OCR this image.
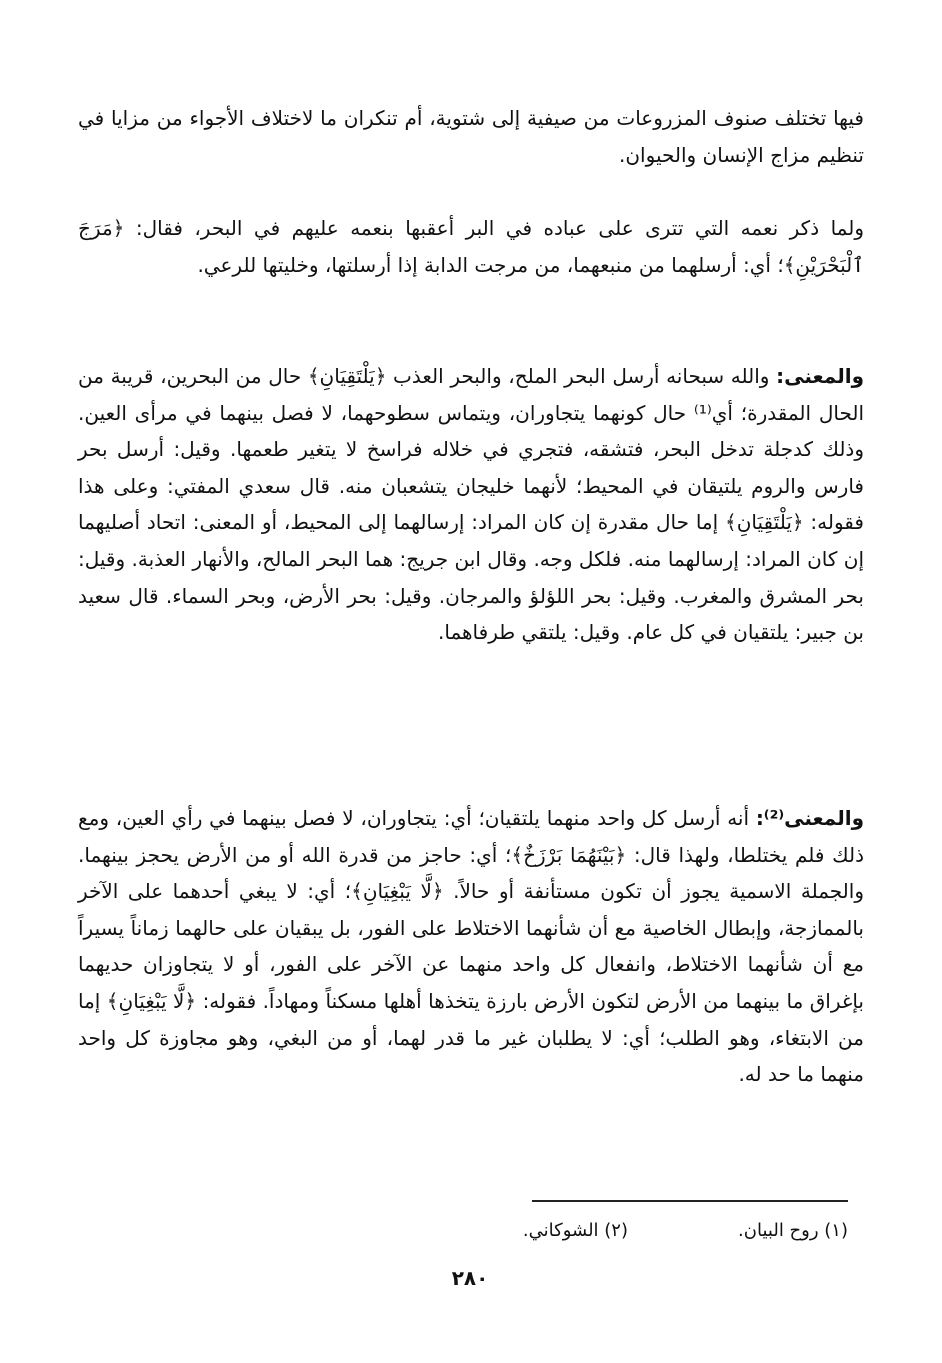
فيها تختلف صنوف المزروعات من صيفية إلى شتوية، أم تنكران ما لاختلاف الأجواء من مزايا في تنظيم مزاج الإنسان والحيوان.
ولما ذكر نعمه التي تترى على عباده في البر أعقبها بنعمه عليهم في البحر، فقال: ﴿مَرَجَ ٱلْبَحْرَيْنِ﴾؛ أي: أرسلهما من منبعهما، من مرجت الدابة إذا أرسلتها، وخليتها للرعي.
والمعنى: والله سبحانه أرسل البحر الملح، والبحر العذب ﴿يَلْتَقِيَانِ﴾ حال من البحرين، قريبة من الحال المقدرة؛ أي⁽¹⁾ حال كونهما يتجاوران، ويتماس سطوحهما، لا فصل بينهما في مرأى العين. وذلك كدجلة تدخل البحر، فتشقه، فتجري في خلاله فراسخ لا يتغير طعمها. وقيل: أرسل بحر فارس والروم يلتيقان في المحيط؛ لأنهما خليجان يتشعبان منه. قال سعدي المفتي: وعلى هذا فقوله: ﴿يَلْتَقِيَانِ﴾ إما حال مقدرة إن كان المراد: إرسالهما إلى المحيط، أو المعنى: اتحاد أصليهما إن كان المراد: إرسالهما منه. فلكل وجه. وقال ابن جريج: هما البحر المالح، والأنهار العذبة. وقيل: بحر المشرق والمغرب. وقيل: بحر اللؤلؤ والمرجان. وقيل: بحر الأرض، وبحر السماء. قال سعيد بن جبير: يلتقيان في كل عام. وقيل: يلتقي طرفاهما.
والمعنى⁽²⁾: أنه أرسل كل واحد منهما يلتقيان؛ أي: يتجاوران، لا فصل بينهما في رأي العين، ومع ذلك فلم يختلطا، ولهذا قال: ﴿بَيْنَهُمَا بَرْزَخٌ﴾؛ أي: حاجز من قدرة الله أو من الأرض يحجز بينهما. والجملة الاسمية يجوز أن تكون مستأنفة أو حالاً. ﴿لَّا يَبْغِيَانِ﴾؛ أي: لا يبغي أحدهما على الآخر بالممازجة، وإبطال الخاصية مع أن شأنهما الاختلاط على الفور، بل يبقيان على حالهما زماناً يسيراً مع أن شأنهما الاختلاط، وانفعال كل واحد منهما عن الآخر على الفور، أو لا يتجاوزان حديهما بإغراق ما بينهما من الأرض لتكون الأرض بارزة يتخذها أهلها مسكناً ومهاداً. فقوله: ﴿لَّا يَبْغِيَانِ﴾ إما من الابتغاء، وهو الطلب؛ أي: لا يطلبان غير ما قدر لهما، أو من البغي، وهو مجاوزة كل واحد منهما ما حد له.
(١) روح البيان.
(٢) الشوكاني.
٢٨٠
